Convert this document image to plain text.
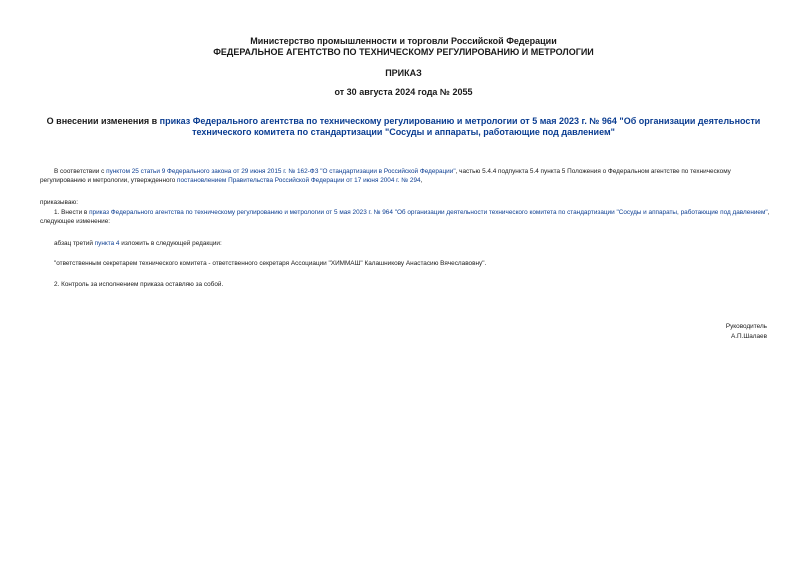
Министерство промышленности и торговли Российской Федерации
ФЕДЕРАЛЬНОЕ АГЕНТСТВО ПО ТЕХНИЧЕСКОМУ РЕГУЛИРОВАНИЮ И МЕТРОЛОГИИ
ПРИКАЗ
от 30 августа 2024 года № 2055
О внесении изменения в приказ Федерального агентства по техническому регулированию и метрологии от 5 мая 2023 г. № 964 "Об организации деятельности технического комитета по стандартизации "Сосуды и аппараты, работающие под давлением"
В соответствии с пунктом 25 статьи 9 Федерального закона от 29 июня 2015 г. № 162-ФЗ "О стандартизации в Российской Федерации", частью 5.4.4 подпункта 5.4 пункта 5 Положения о Федеральном агентстве по техническому регулированию и метрологии, утвержденного постановлением Правительства Российской Федерации от 17 июня 2004 г. № 294,
приказываю:
1. Внести в приказ Федерального агентства по техническому регулированию и метрологии от 5 мая 2023 г. № 964 "Об организации деятельности технического комитета по стандартизации "Сосуды и аппараты, работающие под давлением", следующее изменение:
абзац третий пункта 4 изложить в следующей редакции:
"ответственным секретарем технического комитета - ответственного секретаря Ассоциации "ХИММАШ" Калашникову Анастасию Вячеславовну".
2. Контроль за исполнением приказа оставляю за собой.
Руководитель
А.П.Шалаев
